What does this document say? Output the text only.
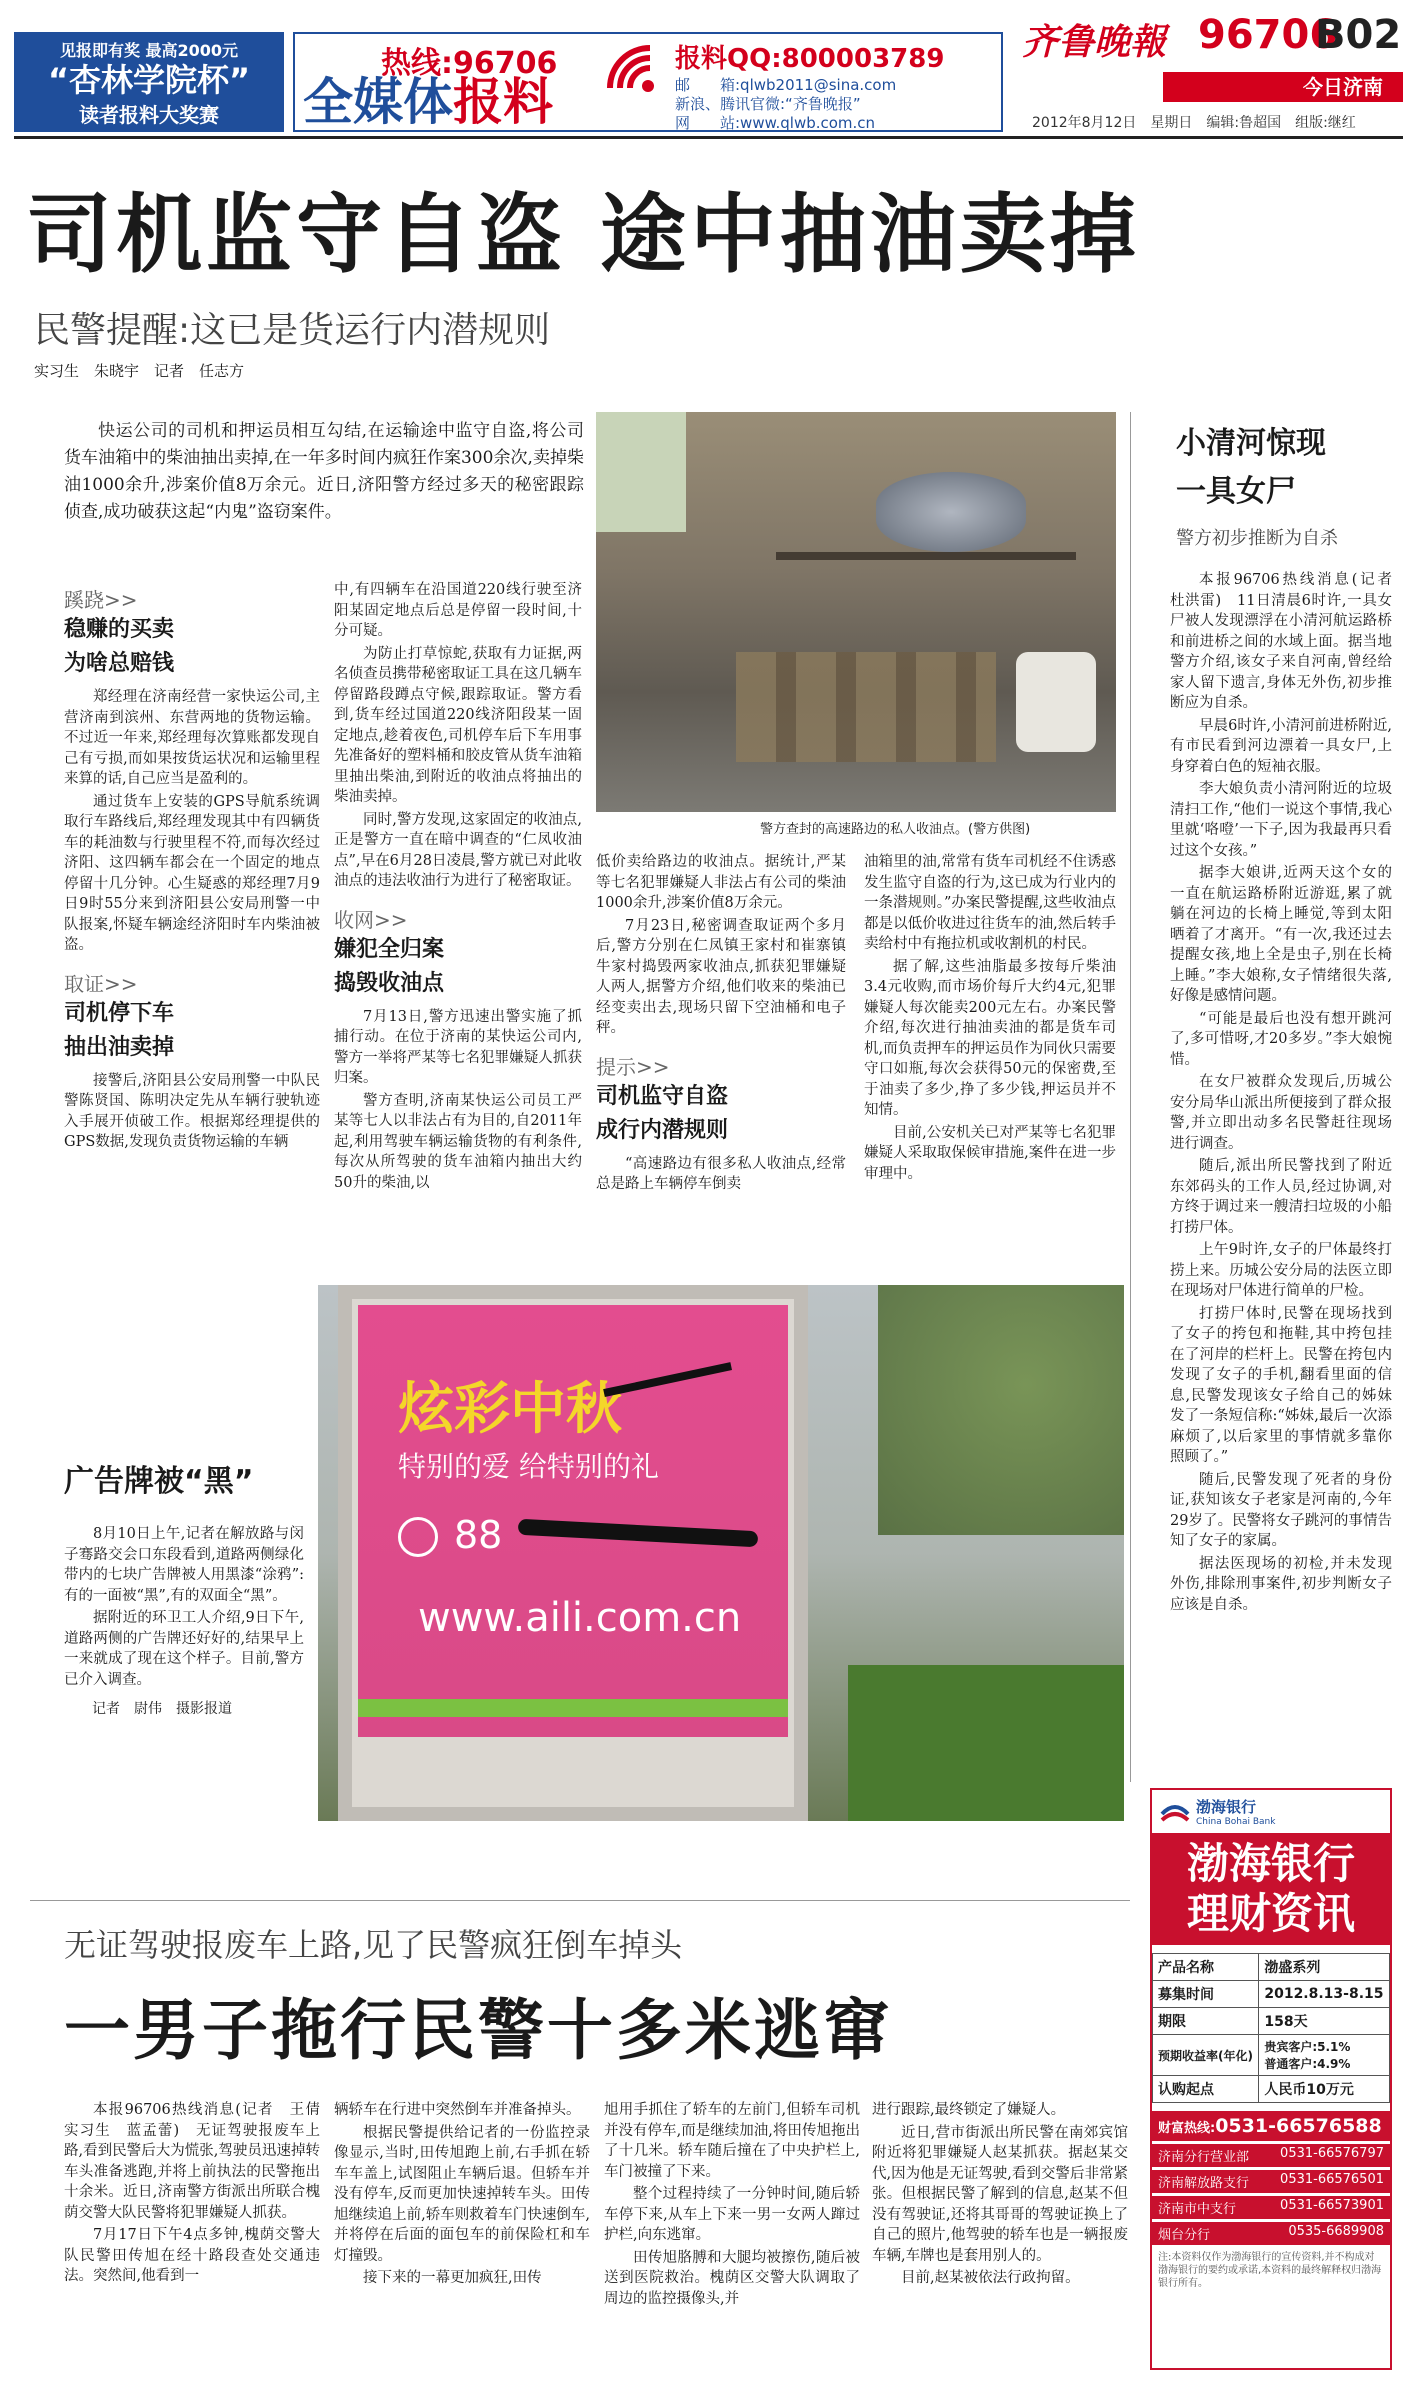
见报即有奖 最高2000元
“杏林学院杯”
读者报料大奖赛
热线:96706
全媒体报料
报料QQ:800003789
邮　　箱:qlwb2011@sina.com
新浪、腾讯官微:“齐鲁晚报”
网　　站:www.qlwb.com.cn
齐鲁晚報 96706
B02
今日济南
2012年8月12日　 星期日　 编辑:鲁超国　 组版:继红
司机监守自盗 途中抽油卖掉
民警提醒:这已是货运行内潜规则
实习生　朱晓宇　记者　任志方

快运公司的司机和押运员相互勾结,在运输途中监守自盗,将公司货车油箱中的柴油抽出卖掉,在一年多时间内疯狂作案300余次,卖掉柴油1000余升,涉案价值8万余元。近日,济阳警方经过多天的秘密跟踪侦查,成功破获这起“内鬼”盗窃案件。

警方查封的高速路边的私人收油点。(警方供图)
蹊跷>>
稳赚的买卖
为啥总赔钱

郑经理在济南经营一家快运公司,主营济南到滨州、东营两地的货物运输。不过近一年来,郑经理每次算账都发现自己有亏损,而如果按货运状况和运输里程来算的话,自己应当是盈利的。

通过货车上安装的GPS导航系统调取行车路线后,郑经理发现其中有四辆货车的耗油数与行驶里程不符,而每次经过济阳、这四辆车都会在一个固定的地点停留十几分钟。心生疑惑的郑经理7月9日9时55分来到济阳县公安局刑警一中队报案,怀疑车辆途经济阳时车内柴油被盗。

取证>>
司机停下车
抽出油卖掉

接警后,济阳县公安局刑警一中队民警陈贤国、陈明决定先从车辆行驶轨迹入手展开侦破工作。根据郑经理提供的GPS数据,发现负责货物运输的车辆

中,有四辆车在沿国道220线行驶至济阳某固定地点后总是停留一段时间,十分可疑。

为防止打草惊蛇,获取有力证据,两名侦查员携带秘密取证工具在这几辆车停留路段蹲点守候,跟踪取证。警方看到,货车经过国道220线济阳段某一固定地点,趁着夜色,司机停车后下车用事先准备好的塑料桶和胶皮管从货车油箱里抽出柴油,到附近的收油点将抽出的柴油卖掉。

同时,警方发现,这家固定的收油点,正是警方一直在暗中调查的“仁凤收油点”,早在6月28日凌晨,警方就已对此收油点的违法收油行为进行了秘密取证。

收网>>
嫌犯全归案
捣毁收油点

7月13日,警方迅速出警实施了抓捕行动。在位于济南的某快运公司内,警方一举将严某等七名犯罪嫌疑人抓获归案。

警方查明,济南某快运公司员工严某等七人以非法占有为目的,自2011年起,利用驾驶车辆运输货物的有利条件,每次从所驾驶的货车油箱内抽出大约50升的柴油,以

低价卖给路边的收油点。据统计,严某等七名犯罪嫌疑人非法占有公司的柴油1000余升,涉案价值8万余元。

7月23日,秘密调查取证两个多月后,警方分别在仁凤镇王家村和崔寨镇牛家村捣毁两家收油点,抓获犯罪嫌疑人两人,据警方介绍,他们收来的柴油已经变卖出去,现场只留下空油桶和电子秤。

提示>>
司机监守自盗
成行内潜规则

“高速路边有很多私人收油点,经常总是路上车辆停车倒卖

油箱里的油,常常有货车司机经不住诱惑发生监守自盗的行为,这已成为行业内的一条潜规则。”办案民警提醒,这些收油点都是以低价收进过往货车的油,然后转手卖给村中有拖拉机或收割机的村民。

据了解,这些油脂最多按每斤柴油3.4元收购,而市场价每斤大约4元,犯罪嫌疑人每次能卖200元左右。办案民警介绍,每次进行抽油卖油的都是货车司机,而负责押车的押运员作为同伙只需要守口如瓶,每次会获得50元的保密费,至于油卖了多少,挣了多少钱,押运员并不知情。

目前,公安机关已对严某等七名犯罪嫌疑人采取取保候审措施,案件在进一步审理中。

小清河惊现
一具女尸
警方初步推断为自杀

本报96706热线消息(记者　杜洪雷)　11日清晨6时许,一具女尸被人发现漂浮在小清河航运路桥和前进桥之间的水域上面。据当地警方介绍,该女子来自河南,曾经给家人留下遗言,身体无外伤,初步推断应为自杀。

早晨6时许,小清河前进桥附近,有市民看到河边漂着一具女尸,上身穿着白色的短袖衣服。

李大娘负责小清河附近的垃圾清扫工作,“他们一说这个事情,我心里就‘咯噔’一下子,因为我最再只看过这个女孩。”

据李大娘讲,近两天这个女的一直在航运路桥附近游逛,累了就躺在河边的长椅上睡觉,等到太阳晒着了才离开。“有一次,我还过去提醒女孩,地上全是虫子,别在长椅上睡。”李大娘称,女子情绪很失落,好像是感情问题。

“可能是最后也没有想开跳河了,多可惜呀,才20多岁。”李大娘惋惜。

在女尸被群众发现后,历城公安分局华山派出所便接到了群众报警,并立即出动多名民警赶往现场进行调查。

随后,派出所民警找到了附近东郊码头的工作人员,经过协调,对方终于调过来一艘清扫垃圾的小船打捞尸体。

上午9时许,女子的尸体最终打捞上来。历城公安分局的法医立即在现场对尸体进行简单的尸检。

打捞尸体时,民警在现场找到了女子的挎包和拖鞋,其中挎包挂在了河岸的栏杆上。民警在挎包内发现了女子的手机,翻看里面的信息,民警发现该女子给自己的姊妹发了一条短信称:“姊妹,最后一次添麻烦了,以后家里的事情就多靠你照顾了。”

随后,民警发现了死者的身份证,获知该女子老家是河南的,今年29岁了。民警将女子跳河的事情告知了女子的家属。

据法医现场的初检,并未发现外伤,排除刑事案件,初步判断女子应该是自杀。

炫彩中秋
特别的爱 给特别的礼
88
www.aili.com.cn
广告牌被“黑”

8月10日上午,记者在解放路与闵子骞路交会口东段看到,道路两侧绿化带内的七块广告牌被人用黑漆“涂鸦”:有的一面被“黑”,有的双面全“黑”。

据附近的环卫工人介绍,9日下午,道路两侧的广告牌还好好的,结果早上一来就成了现在这个样子。目前,警方已介入调查。

记者　尉伟　摄影报道
渤海银行
China Bohai Bank
渤海银行
理财资讯
产品名称	渤盛系列
募集时间	2012.8.13-8.15
期限	158天
预期收益率(年化)	贵宾客户:5.1%
普通客户:4.9%

认购起点	人民币10万元
财富热线:0531-66576588
济南分行营业部 0531-66576797
济南解放路支行 0531-66576501
济南市中支行	0531-66573901
烟台分行	0535-6689908
注:本资料仅作为渤海银行的宣传资料,并不构成对渤海银行的要约或承诺,本资料的最终解释权归渤海银行所有。
无证驾驶报废车上路,见了民警疯狂倒车掉头
一男子拖行民警十多米逃窜

本报96706热线消息(记者　王倩　实习生　蓝孟蕾)　无证驾驶报废车上路,看到民警后大为慌张,驾驶员迅速掉转车头准备逃跑,并将上前执法的民警拖出十余米。近日,济南警方街派出所联合槐荫交警大队民警将犯罪嫌疑人抓获。

7月17日下午4点多钟,槐荫交警大队民警田传旭在经十路段查处交通违法。突然间,他看到一

辆轿车在行进中突然倒车并准备掉头。

根据民警提供给记者的一份监控录像显示,当时,田传旭跑上前,右手抓在轿车车盖上,试图阻止车辆后退。但轿车并没有停车,反而更加快速掉转车头。田传旭继续追上前,轿车则救着车门快速倒车,并将停在后面的面包车的前保险杠和车灯撞毁。

接下来的一幕更加疯狂,田传

旭用手抓住了轿车的左前门,但轿车司机并没有停车,而是继续加油,将田传旭拖出了十几米。轿车随后撞在了中央护栏上,车门被撞了下来。

整个过程持续了一分钟时间,随后轿车停下来,从车上下来一男一女两人蹿过护栏,向东逃窜。

田传旭胳膊和大腿均被擦伤,随后被送到医院救治。槐荫区交警大队调取了周边的监控摄像头,并

进行跟踪,最终锁定了嫌疑人。

近日,营市街派出所民警在南郊宾馆附近将犯罪嫌疑人赵某抓获。据赵某交代,因为他是无证驾驶,看到交警后非常紧张。但根据民警了解到的信息,赵某不但没有驾驶证,还将其哥哥的驾驶证换上了自己的照片,他驾驶的轿车也是一辆报废车辆,车牌也是套用别人的。

目前,赵某被依法行政拘留。
